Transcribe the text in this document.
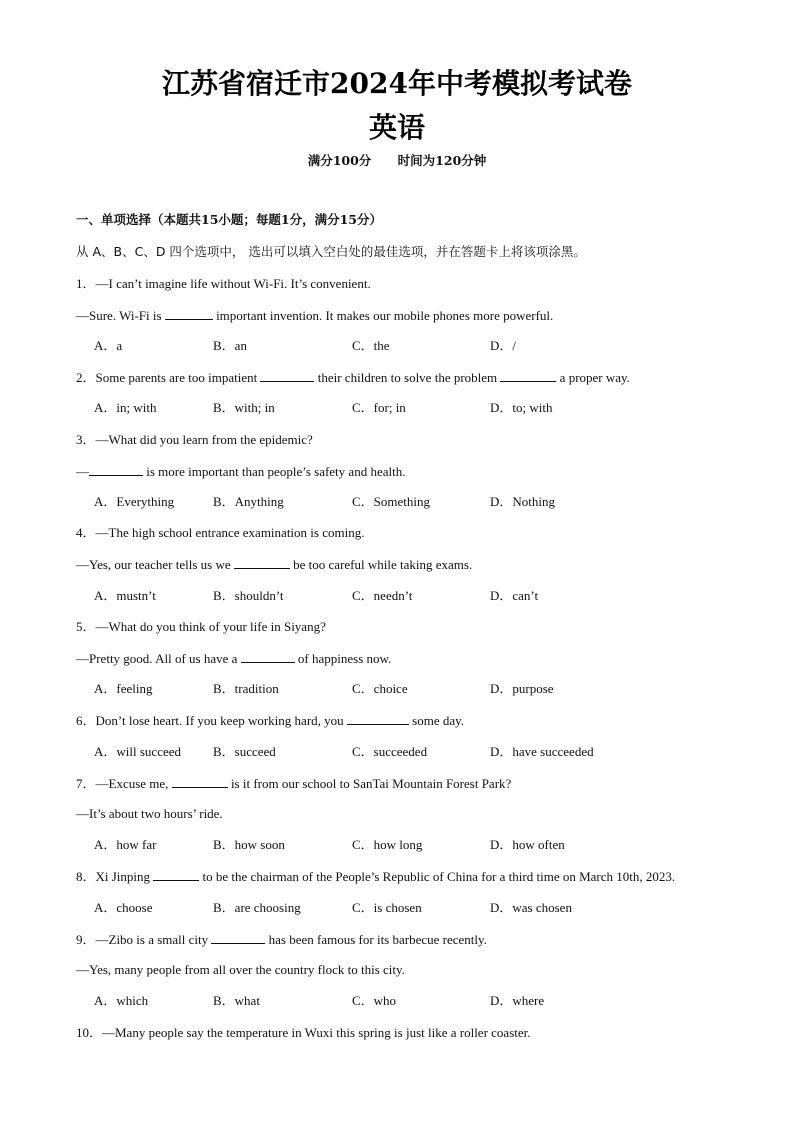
江苏省宿迁市2024年中考模拟考试卷
英语
满分100分 时间为120分钟
一、单项选择（本题共15小题；每题1分，满分15分）
从 A、B、C、D 四个选项中， 选出可以填入空白处的最佳选项，并在答题卡上将该项涂黑。
1．—I can’t imagine life without Wi-Fi. It’s convenient.
—Sure. Wi-Fi is	important invention. It makes our mobile phones more powerful.
A．a	B．an	C．the	D．/
2．Some parents are too impatient	their children to solve the problem	a proper way.
A．in; with	B．with; in	C．for; in	D．to; with
3．—What did you learn from the epidemic?
—	is more important than people’s safety and health.
A．Everything	B．Anything	C．Something	D．Nothing
4．—The high school entrance examination is coming.
—Yes, our teacher tells us we	be too careful while taking exams.
A．mustn’t	B．shouldn’t	C．needn’t	D．can’t
5．—What do you think of your life in Siyang?
—Pretty good. All of us have a	of happiness now.
A．feeling	B．tradition	C．choice	D．purpose
6．Don’t lose heart. If you keep working hard, you	some day.
A．will succeed B．succeed	C．succeeded	D．have succeeded
7．—Excuse me,	is it from our school to SanTai Mountain Forest Park?
—It’s about two hours’ ride.
A．how far	B．how soon	C．how long	D．how often
8．Xi Jinping	to be the chairman of the People’s Republic of China for a third time on March 10th, 2023.
A．choose	B．are choosing	C．is chosen	D．was chosen
9．—Zibo is a small city	has been famous for its barbecue recently.
—Yes, many people from all over the country flock to this city.
A．which	B．what	C．who	D．where
10．—Many people say the temperature in Wuxi this spring is just like a roller coaster.
